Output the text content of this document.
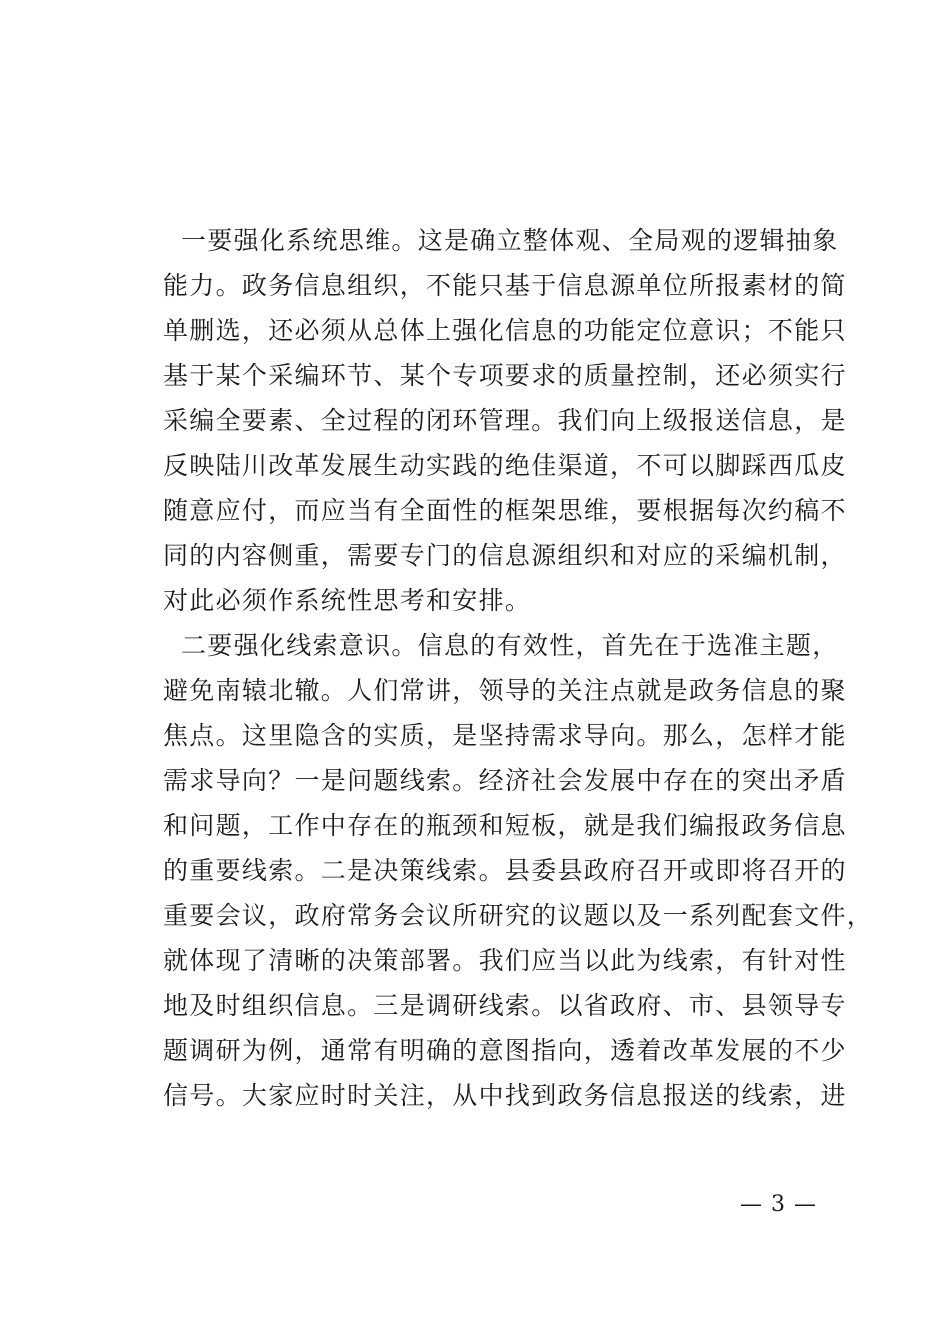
一要强化系统思维。这是确立整体观、全局观的逻辑抽象
能力。政务信息组织，不能只基于信息源单位所报素材的简
单删选，还必须从总体上强化信息的功能定位意识；不能只
基于某个采编环节、某个专项要求的质量控制，还必须实行
采编全要素、全过程的闭环管理。我们向上级报送信息，是
反映陆川改革发展生动实践的绝佳渠道，不可以脚踩西瓜皮
随意应付，而应当有全面性的框架思维，要根据每次约稿不
同的内容侧重，需要专门的信息源组织和对应的采编机制，
对此必须作系统性思考和安排。
二要强化线索意识。信息的有效性，首先在于选准主题，
避免南辕北辙。人们常讲，领导的关注点就是政务信息的聚
焦点。这里隐含的实质，是坚持需求导向。那么，怎样才能
需求导向？一是问题线索。经济社会发展中存在的突出矛盾
和问题，工作中存在的瓶颈和短板，就是我们编报政务信息
的重要线索。二是决策线索。县委县政府召开或即将召开的
重要会议，政府常务会议所研究的议题以及一系列配套文件，
就体现了清晰的决策部署。我们应当以此为线索，有针对性
地及时组织信息。三是调研线索。以省政府、市、县领导专
题调研为例，通常有明确的意图指向，透着改革发展的不少
信号。大家应时时关注，从中找到政务信息报送的线索，进
— 3 —
